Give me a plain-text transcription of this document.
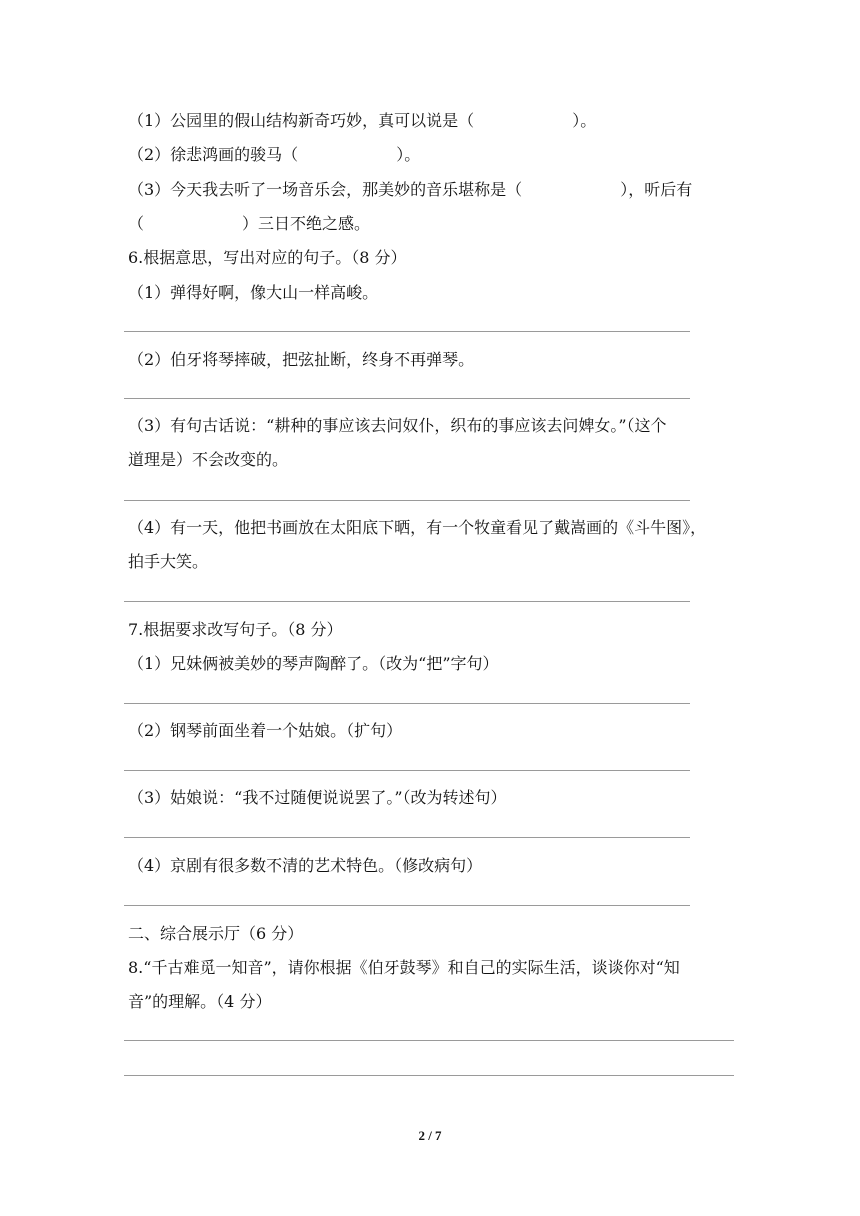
（1）公园里的假山结构新奇巧妙，真可以说是（	）。
（2）徐悲鸿画的骏马（	）。
（3）今天我去听了一场音乐会，那美妙的音乐堪称是（	），听后有
（	）三日不绝之感。
6.根据意思，写出对应的句子。（8 分）
（1）弹得好啊，像大山一样高峻。
（2）伯牙将琴摔破，把弦扯断，终身不再弹琴。
（3）有句古话说：“耕种的事应该去问奴仆，织布的事应该去问婢女。”（这个
道理是）不会改变的。
（4）有一天，他把书画放在太阳底下晒，有一个牧童看见了戴嵩画的《斗牛图》，
拍手大笑。
7.根据要求改写句子。（8 分）
（1）兄妹俩被美妙的琴声陶醉了。（改为“把”字句）
（2）钢琴前面坐着一个姑娘。（扩句）
（3）姑娘说：“我不过随便说说罢了。”（改为转述句）
（4）京剧有很多数不清的艺术特色。（修改病句）
二、综合展示厅（6 分）
8.“千古难觅一知音”，请你根据《伯牙鼓琴》和自己的实际生活，谈谈你对“知
音”的理解。（4 分）
2 / 7
